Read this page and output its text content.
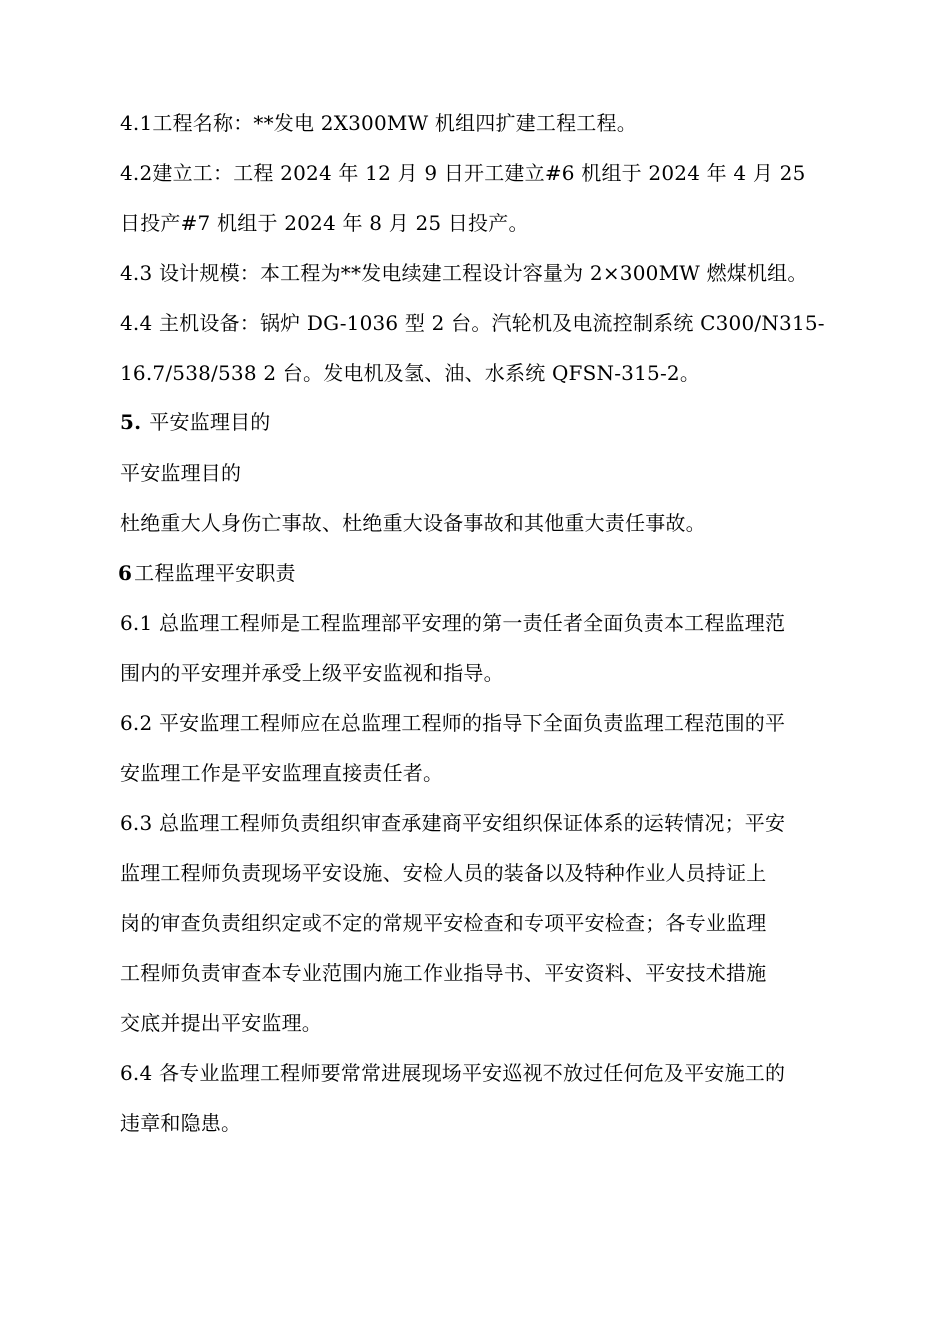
4.1工程名称：**发电 2X300MW 机组四扩建工程工程。
4.2建立工：工程 2024 年 12 月 9 日开工建立#6 机组于 2024 年 4 月 25
日投产#7 机组于 2024 年 8 月 25 日投产。
4.3 设计规模：本工程为**发电续建工程设计容量为 2×300MW 燃煤机组。
4.4 主机设备：锅炉 DG-1036 型 2 台。汽轮机及电流控制系统 C300/N315-
16.7/538/538 2 台。发电机及氢、油、水系统 QFSN-315-2。
5. 平安监理目的
平安监理目的
杜绝重大人身伤亡事故、杜绝重大设备事故和其他重大责任事故。
6 工程监理平安职责
6.1 总监理工程师是工程监理部平安理的第一责任者全面负责本工程监理范
围内的平安理并承受上级平安监视和指导。
6.2 平安监理工程师应在总监理工程师的指导下全面负责监理工程范围的平
安监理工作是平安监理直接责任者。
6.3 总监理工程师负责组织审查承建商平安组织保证体系的运转情况；平安
监理工程师负责现场平安设施、安检人员的装备以及特种作业人员持证上
岗的审查负责组织定或不定的常规平安检查和专项平安检查；各专业监理
工程师负责审查本专业范围内施工作业指导书、平安资料、平安技术措施
交底并提出平安监理。
6.4 各专业监理工程师要常常进展现场平安巡视不放过任何危及平安施工的
违章和隐患。
